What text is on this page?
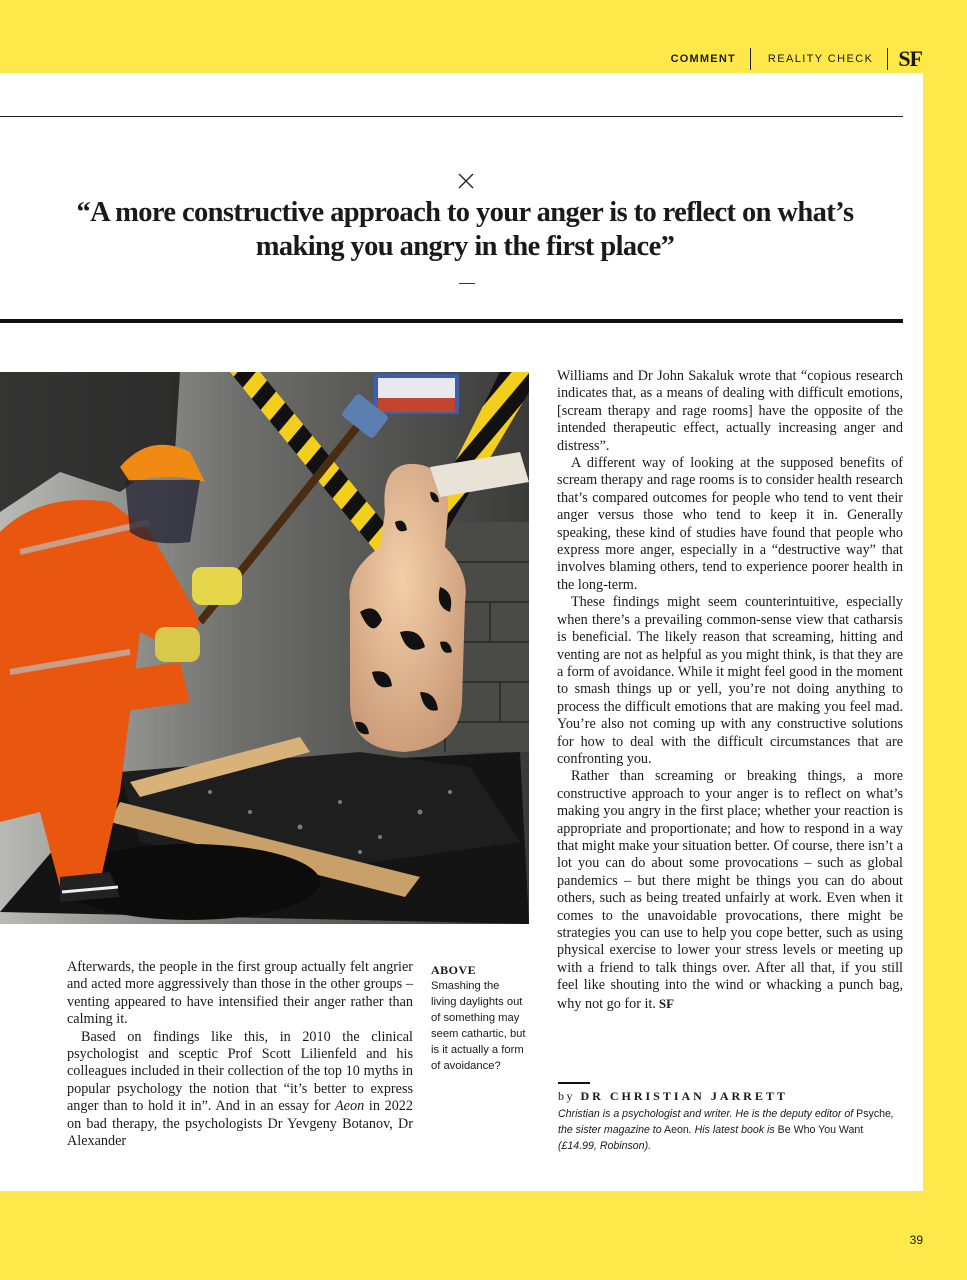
COMMENT	REALITY CHECK	SF
“A more constructive approach to your anger is to reflect on what’s making you angry in the first place”

Afterwards, the people in the first group actually felt angrier and acted more aggressively than those in the other groups – venting appeared to have intensified their anger rather than calming it.

Based on findings like this, in 2010 the clinical psychologist and sceptic Prof Scott Lilienfeld and his colleagues included in their collection of the top 10 myths in popular psychology the notion that “it’s better to express anger than to hold it in”. And in an essay for Aeon in 2022 on bad therapy, the psychologists Dr Yevgeny Botanov, Dr Alexander

ABOVE
Smashing the living daylights out of something may seem cathartic, but is it actually a form of avoidance?

Williams and Dr John Sakaluk wrote that “copious research indicates that, as a means of dealing with difficult emotions, [scream therapy and rage rooms] have the opposite of the intended therapeutic effect, actually increasing anger and distress”.

A different way of looking at the supposed benefits of scream therapy and rage rooms is to consider health research that’s compared outcomes for people who tend to vent their anger versus those who tend to keep it in. Generally speaking, these kind of studies have found that people who express more anger, especially in a “destructive way” that involves blaming others, tend to experience poorer health in the long-term.

These findings might seem counterintuitive, especially when there’s a prevailing common-sense view that catharsis is beneficial. The likely reason that screaming, hitting and venting are not as helpful as you might think, is that they are a form of avoidance. While it might feel good in the moment to smash things up or yell, you’re not doing anything to process the difficult emotions that are making you feel mad. You’re also not coming up with any constructive solutions for how to deal with the difficult circumstances that are confronting you.

Rather than screaming or breaking things, a more constructive approach to your anger is to reflect on what’s making you angry in the first place; whether your reaction is appropriate and proportionate; and how to respond in a way that might make your situation better. Of course, there isn’t a lot you can do about some provocations – such as global pandemics – but there might be things you can do about others, such as being treated unfairly at work. Even when it comes to the unavoidable provocations, there might be strategies you can use to help you cope better, such as using physical exercise to lower your stress levels or meeting up with a friend to talk things over. After all that, if you still feel like shouting into the wind or whacking a punch bag, why not go for it. SF

by DR CHRISTIAN JARRETT
Christian is a psychologist and writer. He is the deputy editor of Psyche, the sister magazine to Aeon. His latest book is Be Who You Want (£14.99, Robinson).
39
